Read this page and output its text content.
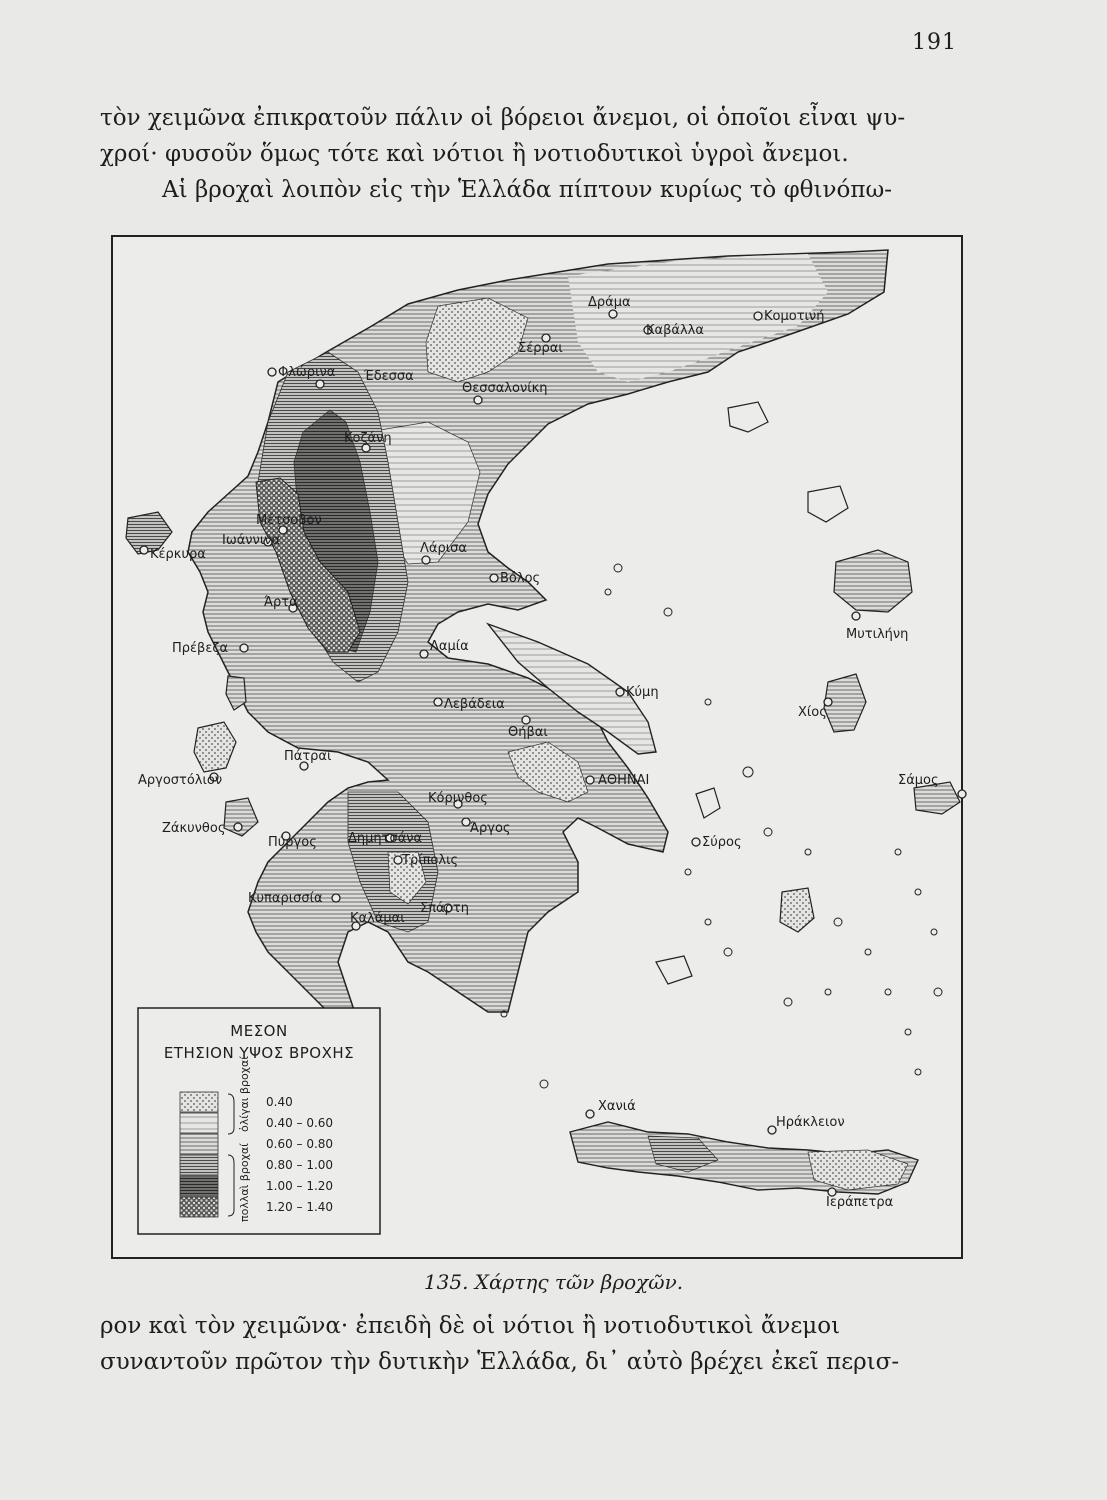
191

τὸν χειμῶνα ἐπικρατοῦν πάλιν οἱ βόρειοι ἄνεμοι, οἱ ὁποῖοι εἶναι ψυ-
χροί· φυσοῦν ὅμως τότε καὶ νότιοι ἢ νοτιοδυτικοὶ ὑγροὶ ἄνεμοι.
Αἱ βροχαὶ λοιπὸν εἰς τὴν Ἑλλάδα πίπτουν κυρίως τὸ φθινόπω-

Δράμα
Καβάλλα
Κομοτινή
Σέρραι
Φλώρινα Έδεσσα
Θεσσαλονίκη
Κοζάνη
Μέτσοβον
Κέρκυρα
Ιωάννινα
Λάρισα
Βόλος
Άρτα
Πρέβεζα
Μυτιλήνη
Λαμία
Κύμη
Λεβάδεια
Χίος
Θήβαι
Πάτραι
Αργοστόλιον	ΑΘΗΝΑΙ	Σάμος
Κόρινθος
Ζάκυνθος
Δημητσάνα
Άργος
Πύργος
Τρίπολις
Σύρος
Κυπαρισσία
Σπάρτη
Καλάμαι
Χανιά
Ηράκλειον
Ιεράπετρα
ΜΕΣΟΝ
ΕΤΗΣΙΟΝ ΥΨΟΣ ΒΡΟΧΗΣ
ὀλίγαι βροχαί
πολλαὶ βροχαί
0.40
0.40 – 0.60
0.60 – 0.80
0.80 – 1.00
1.00 – 1.20
1.20 – 1.40
135. Χάρτης τῶν βροχῶν.

ρον καὶ τὸν χειμῶνα· ἐπειδὴ δὲ οἱ νότιοι ἢ νοτιοδυτικοὶ ἄνεμοι
συναντοῦν πρῶτον τὴν δυτικὴν Ἑλλάδα, δι᾽ αὐτὸ βρέχει ἐκεῖ περισ-
